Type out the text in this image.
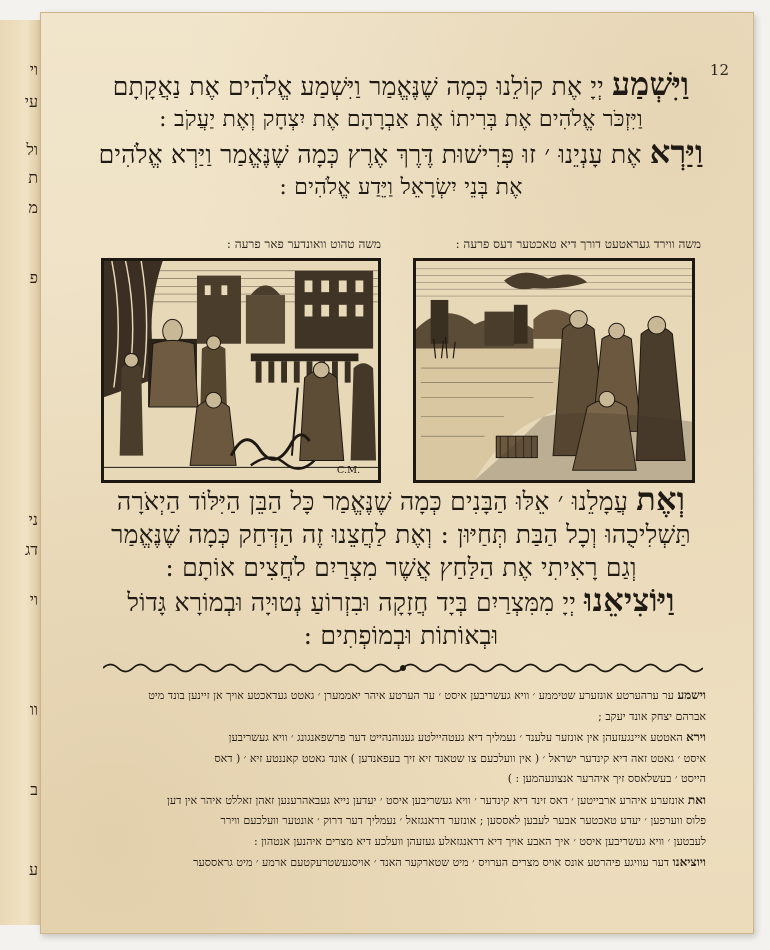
וי
עי
ול
ת
מ
פ
ני
דג
וי
וו
ב
ע
12
וַיִּשְׁמַע יְיָ אֶת קוֹלֵנוּ כְּמָה שֶׁנֶּאֱמַר וַיִּשְׁמַע אֱלֹהִים אֶת נַאֲקָתָם
וַיִּזְכֹּר אֱלֹהִים אֶת בְּרִיתוֹ אֶת אַבְרָהָם אֶת יִצְחָק וְאֶת יַעֲקֹב :
וַיַּרְא אֶת עָנְיֵנוּ ׳ זוּ פְּרִישׁוּת דֶּרֶךְ אֶרֶץ כְּמָה שֶׁנֶּאֱמַר וַיַּרְא אֱלֹהִים
אֶת בְּנֵי יִשְׂרָאֵל וַיֵּדַע אֱלֹהִים :
משה ווירד געראטעט דורך דיא טאכטער דעס פרעה :
משה טהוט וואונדער פאר פרעה :
C.M.
וְאֶת עֲמָלֵנוּ ׳ אֵלּוּ הַבָּנִים כְּמָה שֶׁנֶּאֱמַר כָּל הַבֵּן הַיִּלּוֹד הַיְאֹרָה
תַּשְׁלִיכֻהוּ וְכָל הַבַּת תְּחַיּוּן : וְאֶת לַחֲצֵנוּ זֶה הַדְּחַק כְּמָה שֶׁנֶּאֱמַר
וְגַם רָאִיתִי אֶת הַלַּחַץ אֲשֶׁר מִצְרַיִם לֹחֲצִים אוֹתָם :
וַיּוֹצִיאֵנוּ יְיָ מִמִּצְרַיִם בְּיָד חֲזָקָה וּבִזְרוֹעַ נְטוּיָה וּבְמוֹרָא גָּדוֹל
וּבְאוֹתוֹת וּבְמוֹפְתִים :
וישמע ער ערהערטע אונזערע שטיממע ׳ וויא געשריבען איסט ׳ ער הערטע איהר יאממערן ׳ גאטט געדאכטע אויך אן זיינען בונד מיט
אברהם יצחק אונד יעקב ;
וירא האטטע איינגעזעהן אין אונזער עלענד ׳ נעמליך דיא געטהיילטע גענוהנהייט דער פרשפאנגונג ׳ וויא געשריבען
איסט ׳ גאטט זאה דיא קינדער ישראל ׳ ( אין וועלכעם צו שטאנד זיא זיך בעפאנדען ) אונד גאטט קאננטע זיא ׳ ( דאס
הייסט ׳ בעשלאסס זיך איהרער אנצונעהמען : )
ואת אונזערע איהרע ארבייטען ׳ דאס זינד דיא קינדער ׳ וויא געשריבען איסט ׳ יעדען נייא געבאהרענען זאהן זאללט איהר אין דען
פלוס ווערפען ׳ יעדע טאכטער אבער לעבען לאססען ; אונזער דראנגזאל ׳ נעמליך דער דרוק ׳ אונטער וועלכעם ווירר
לעבטען ׳ וויא געשריבען איסט ׳ איך האבע אויך דיא דראנגזאלע געזעהן וועלכע דיא מצרים איהנען אנטהון :
ויוציאנו דער עוויגע פיהרטע אונס אויס מצרים הערויס ׳ מיט שטארקער האנד ׳ אויסגעשטרעקטעם ארמע ׳ מיט גראססער
